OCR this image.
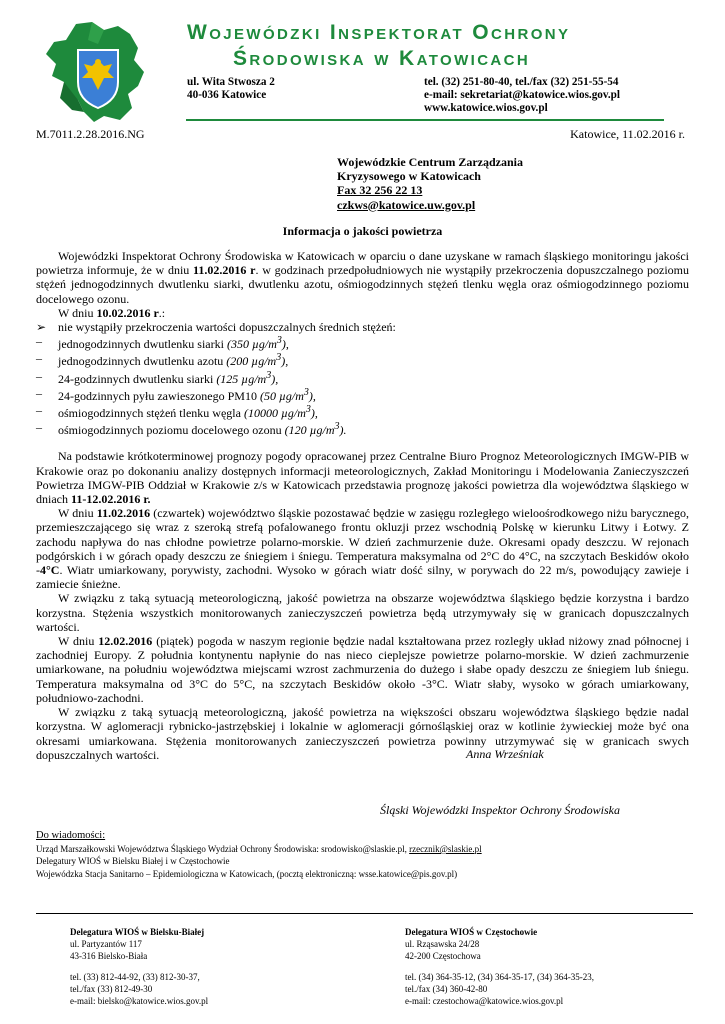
Wojewódzki Inspektorat Ochrony
Środowiska w Katowicach
ul. Wita Stwosza 2
40-036 Katowice
tel. (32) 251-80-40, tel./fax (32) 251-55-54
e-mail: sekretariat@katowice.wios.gov.pl
www.katowice.wios.gov.pl
M.7011.2.28.2016.NG	Katowice, 11.02.2016 r.
Wojewódzkie Centrum Zarządzania
Kryzysowego w Katowicach
Fax 32 256 22 13
czkws@katowice.uw.gov.pl
Informacja o jakości powietrza

Wojewódzki Inspektorat Ochrony Środowiska w Katowicach w oparciu o dane uzyskane w ramach śląskiego monitoringu jakości powietrza informuje, że w dniu 11.02.2016 r. w godzinach przedpołudniowych nie wystąpiły przekroczenia dopuszczalnego poziomu stężeń jednogodzinnych dwutlenku siarki, dwutlenku azotu, ośmiogodzinnych stężeń tlenku węgla oraz ośmiogodzinnego poziomu docelowego ozonu.

W dniu 10.02.2016 r.:

➢ nie wystąpiły przekroczenia wartości dopuszczalnych średnich stężeń:
– jednogodzinnych dwutlenku siarki (350 $\mu g/m^3$),
– jednogodzinnych dwutlenku azotu (200 $\mu g/m^3$),
– 24-godzinnych dwutlenku siarki (125 $\mu g/m^3$),
– 24-godzinnych pyłu zawieszonego PM10 (50 $\mu g/m^3$),
– ośmiogodzinnych stężeń tlenku węgla (10000 $\mu g/m^3$),
– ośmiogodzinnych poziomu docelowego ozonu (120 $\mu g/m^3$).

Na podstawie krótkoterminowej prognozy pogody opracowanej przez Centralne Biuro Prognoz Meteorologicznych IMGW-PIB w Krakowie oraz po dokonaniu analizy dostępnych informacji meteorologicznych, Zakład Monitoringu i Modelowania Zanieczyszczeń Powietrza IMGW-PIB Oddział w Krakowie z/s w Katowicach przedstawia prognozę jakości powietrza dla województwa śląskiego w dniach 11-12.02.2016 r.

W dniu 11.02.2016 (czwartek) województwo śląskie pozostawać będzie w zasięgu rozległego wieloośrodkowego niżu barycznego, przemieszczającego się wraz z szeroką strefą pofalowanego frontu okluzji przez wschodnią Polskę w kierunku Litwy i Łotwy. Z zachodu napływa do nas chłodne powietrze polarno-morskie. W dzień zachmurzenie duże. Okresami opady deszczu. W rejonach podgórskich i w górach opady deszczu ze śniegiem i śniegu. Temperatura maksymalna od 2°C do 4°C, na szczytach Beskidów około -4°C. Wiatr umiarkowany, porywisty, zachodni. Wysoko w górach wiatr dość silny, w porywach do 22 m/s, powodujący zawieje i zamiecie śnieżne.

W związku z taką sytuacją meteorologiczną, jakość powietrza na obszarze województwa śląskiego będzie korzystna i bardzo korzystna. Stężenia wszystkich monitorowanych zanieczyszczeń powietrza będą utrzymywały się w granicach dopuszczalnych wartości.

W dniu 12.02.2016 (piątek) pogoda w naszym regionie będzie nadal kształtowana przez rozległy układ niżowy znad północnej i zachodniej Europy. Z południa kontynentu napłynie do nas nieco cieplejsze powietrze polarno-morskie. W dzień zachmurzenie umiarkowane, na południu województwa miejscami wzrost zachmurzenia do dużego i słabe opady deszczu ze śniegiem lub śniegu. Temperatura maksymalna od 3°C do 5°C, na szczytach Beskidów około -3°C. Wiatr słaby, wysoko w górach umiarkowany, południowo-zachodni.

W związku z taką sytuacją meteorologiczną, jakość powietrza na większości obszaru województwa śląskiego będzie nadal korzystna. W aglomeracji rybnicko-jastrzębskiej i lokalnie w aglomeracji górnośląskiej oraz w kotlinie żywieckiej może być ona okresami umiarkowana. Stężenia monitorowanych zanieczyszczeń powietrza powinny utrzymywać się w granicach swych dopuszczalnych wartości.	Anna Wrześniak
Śląski Wojewódzki Inspektor Ochrony Środowiska
Do wiadomości:
Urząd Marszałkowski Województwa Śląskiego Wydział Ochrony Środowiska: srodowisko@slaskie.pl, rzecznik@slaskie.pl
Delegatury WIOŚ w Bielsku Białej i w Częstochowie
Wojewódzka Stacja Sanitarno – Epidemiologiczna w Katowicach, (pocztą elektroniczną: wsse.katowice@pis.gov.pl)
Delegatura WIOŚ w Bielsku-Białej
ul. Partyzantów 117
43-316 Bielsko-Biała
tel. (33) 812-44-92, (33) 812-30-37,
tel./fax (33) 812-49-30
e-mail: bielsko@katowice.wios.gov.pl
Delegatura WIOŚ w Częstochowie
ul. Rząsawska 24/28
42-200 Częstochowa
tel. (34) 364-35-12, (34) 364-35-17, (34) 364-35-23,
tel./fax (34) 360-42-80
e-mail: czestochowa@katowice.wios.gov.pl
